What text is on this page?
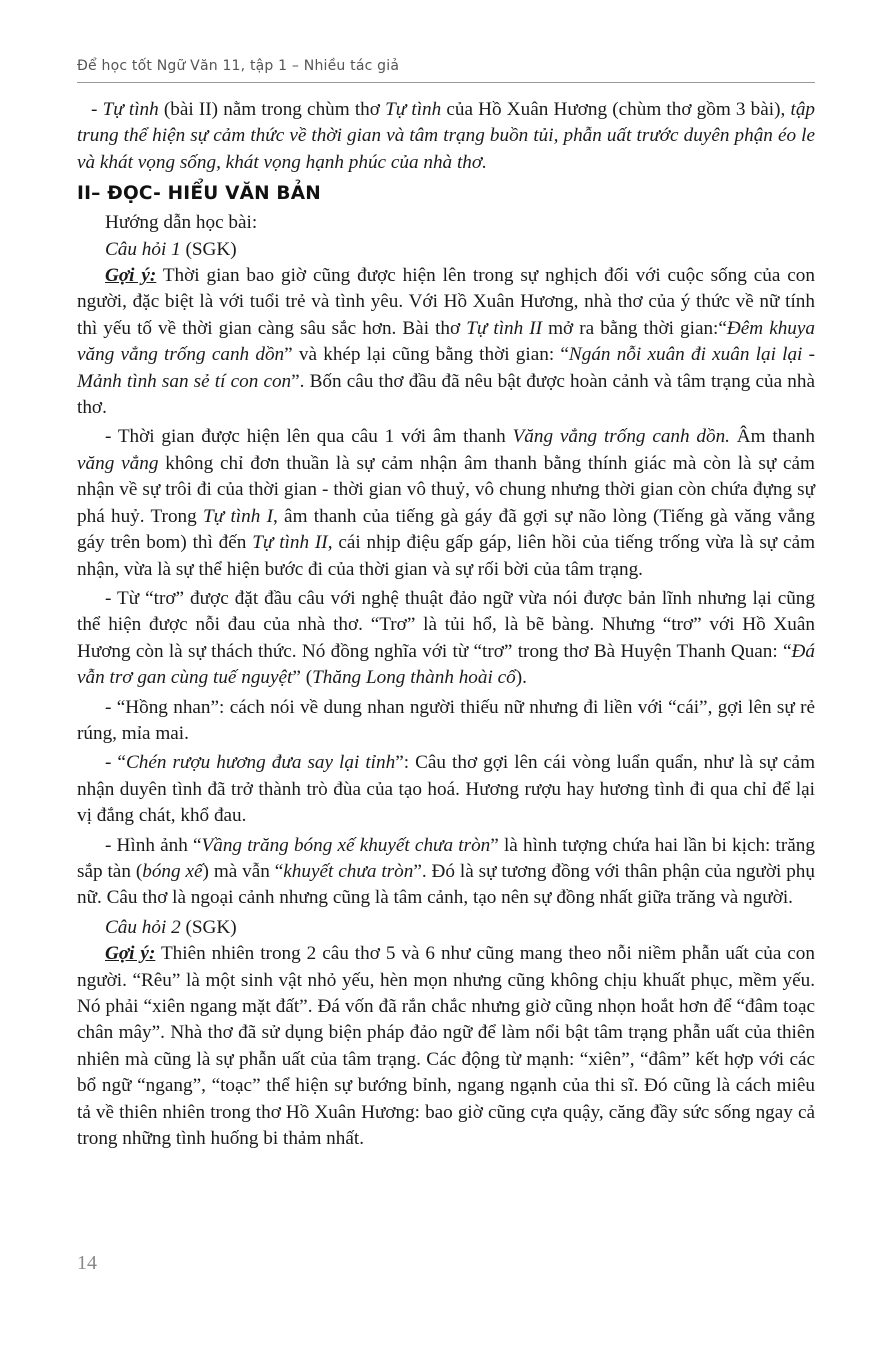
Để học tốt Ngữ Văn 11, tập 1 – Nhiều tác giả

- Tự tình (bài II) nằm trong chùm thơ Tự tình của Hồ Xuân Hương (chùm thơ gồm 3 bài), tập trung thể hiện sự cảm thức về thời gian và tâm trạng buồn tủi, phẫn uất trước duyên phận éo le và khát vọng sống, khát vọng hạnh phúc của nhà thơ.

II– ĐỌC- HIỂU VĂN BẢN

Hướng dẫn học bài:

Câu hỏi 1 (SGK)

Gợi ý: Thời gian bao giờ cũng được hiện lên trong sự nghịch đối với cuộc sống của con người, đặc biệt là với tuổi trẻ và tình yêu. Với Hồ Xuân Hương, nhà thơ của ý thức về nữ tính thì yếu tố về thời gian càng sâu sắc hơn. Bài thơ Tự tình II mở ra bằng thời gian:“Đêm khuya văng vẳng trống canh dồn” và khép lại cũng bằng thời gian: “Ngán nỗi xuân đi xuân lại lại - Mảnh tình san sẻ tí con con”. Bốn câu thơ đầu đã nêu bật được hoàn cảnh và tâm trạng của nhà thơ.

- Thời gian được hiện lên qua câu 1 với âm thanh Văng vẳng trống canh dồn. Âm thanh văng vẳng không chỉ đơn thuần là sự cảm nhận âm thanh bằng thính giác mà còn là sự cảm nhận về sự trôi đi của thời gian - thời gian vô thuỷ, vô chung nhưng thời gian còn chứa đựng sự phá huỷ. Trong Tự tình I, âm thanh của tiếng gà gáy đã gợi sự não lòng (Tiếng gà văng vẳng gáy trên bom) thì đến Tự tình II, cái nhịp điệu gấp gáp, liên hồi của tiếng trống vừa là sự cảm nhận, vừa là sự thể hiện bước đi của thời gian và sự rối bời của tâm trạng.

- Từ “trơ” được đặt đầu câu với nghệ thuật đảo ngữ vừa nói được bản lĩnh nhưng lại cũng thể hiện được nỗi đau của nhà thơ. “Trơ” là tủi hổ, là bẽ bàng. Nhưng “trơ” với Hồ Xuân Hương còn là sự thách thức. Nó đồng nghĩa với từ “trơ” trong thơ Bà Huyện Thanh Quan: “Đá vẫn trơ gan cùng tuế nguyệt” (Thăng Long thành hoài cổ).

- “Hồng nhan”: cách nói về dung nhan người thiếu nữ nhưng đi liền với “cái”, gợi lên sự rẻ rúng, mỉa mai.

- “Chén rượu hương đưa say lại tỉnh”: Câu thơ gợi lên cái vòng luẩn quẩn, như là sự cảm nhận duyên tình đã trở thành trò đùa của tạo hoá. Hương rượu hay hương tình đi qua chỉ để lại vị đắng chát, khổ đau.

- Hình ảnh “Vầng trăng bóng xế khuyết chưa tròn” là hình tượng chứa hai lần bi kịch: trăng sắp tàn (bóng xế) mà vẫn “khuyết chưa tròn”. Đó là sự tương đồng với thân phận của người phụ nữ. Câu thơ là ngoại cảnh nhưng cũng là tâm cảnh, tạo nên sự đồng nhất giữa trăng và người.

Câu hỏi 2 (SGK)

Gợi ý: Thiên nhiên trong 2 câu thơ 5 và 6 như cũng mang theo nỗi niềm phẫn uất của con người. “Rêu” là một sinh vật nhỏ yếu, hèn mọn nhưng cũng không chịu khuất phục, mềm yếu. Nó phải “xiên ngang mặt đất”. Đá vốn đã rắn chắc nhưng giờ cũng nhọn hoắt hơn để “đâm toạc chân mây”. Nhà thơ đã sử dụng biện pháp đảo ngữ để làm nổi bật tâm trạng phẫn uất của thiên nhiên mà cũng là sự phẫn uất của tâm trạng. Các động từ mạnh: “xiên”, “đâm” kết hợp với các bổ ngữ “ngang”, “toạc” thể hiện sự bướng bỉnh, ngang ngạnh của thi sĩ. Đó cũng là cách miêu tả về thiên nhiên trong thơ Hồ Xuân Hương: bao giờ cũng cựa quậy, căng đầy sức sống ngay cả trong những tình huống bi thảm nhất.

14
